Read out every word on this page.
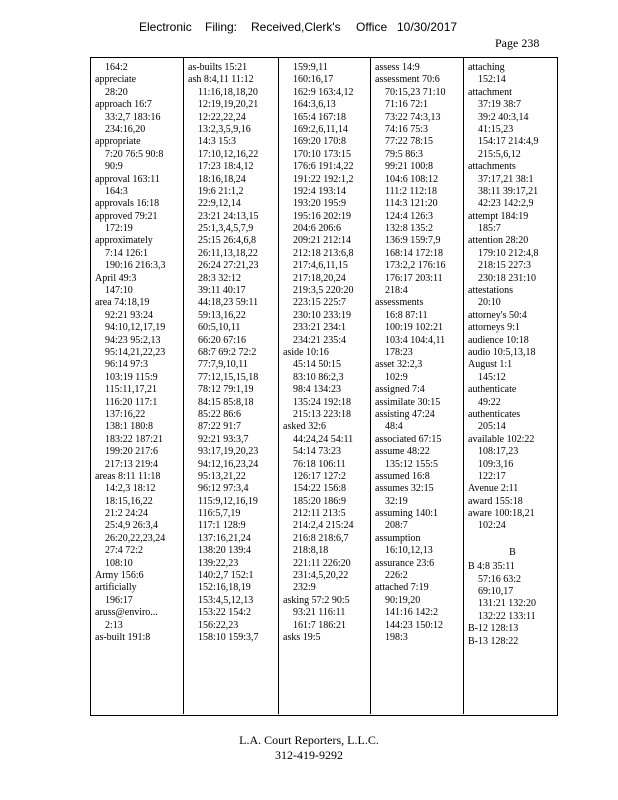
Electronic Filing: Received,Clerk's Office 10/30/2017
Page 238
164:2
appreciate
28:20
approach 16:7
33:2,7 183:16
234:16,20
appropriate
7:20 76:5 90:8
90:9
approval 163:11
164:3
approvals 16:18
approved 79:21
172:19
approximately
7:14 126:1
190:16 216:3,3
April 49:3
147:10
area 74:18,19
92:21 93:24
94:10,12,17,19
94:23 95:2,13
95:14,21,22,23
96:14 97:3
103:19 115:9
115:11,17,21
116:20 117:1
137:16,22
138:1 180:8
183:22 187:21
199:20 217:6
217:13 219:4
areas 8:11 11:18
14:2,3 18:12
18:15,16,22
21:2 24:24
25:4,9 26:3,4
26:20,22,23,24
27:4 72:2
108:10
Army 156:6
artificially
196:17
aruss@enviro...
2:13
as-built 191:8
as-builts 15:21
ash 8:4,11 11:12
11:16,18,18,20
12:19,19,20,21
12:22,22,24
13:2,3,5,9,16
14:3 15:3
17:10,12,16,22
17:23 18:4,12
18:16,18,24
19:6 21:1,2
22:9,12,14
23:21 24:13,15
25:1,3,4,5,7,9
25:15 26:4,6,8
26:11,13,18,22
26:24 27:21,23
28:3 32:12
39:11 40:17
44:18,23 59:11
59:13,16,22
60:5,10,11
66:20 67:16
68:7 69:2 72:2
77:7,9,10,11
77:12,15,15,18
78:12 79:1,19
84:15 85:8,18
85:22 86:6
87:22 91:7
92:21 93:3,7
93:17,19,20,23
94:12,16,23,24
95:13,21,22
96:12 97:3,4
115:9,12,16,19
116:5,7,19
117:1 128:9
137:16,21,24
138:20 139:4
139:22,23
140:2,7 152:1
152:16,18,19
153:4,5,12,13
153:22 154:2
156:22,23
158:10 159:3,7
159:9,11
160:16,17
162:9 163:4,12
164:3,6,13
165:4 167:18
169:2,6,11,14
169:20 170:8
170:10 173:15
176:6 191:4,22
191:22 192:1,2
192:4 193:14
193:20 195:9
195:16 202:19
204:6 206:6
209:21 212:14
212:18 213:6,8
217:4,6,11,15
217:18,20,24
219:3,5 220:20
223:15 225:7
230:10 233:19
233:21 234:1
234:21 235:4
aside 10:16
45:14 50:15
83:10 86:2,3
98:4 134:23
135:24 192:18
215:13 223:18
asked 32:6
44:24,24 54:11
54:14 73:23
76:18 106:11
126:17 127:2
154:22 156:8
185:20 186:9
212:11 213:5
214:2,4 215:24
216:8 218:6,7
218:8,18
221:11 226:20
231:4,5,20,22
232:9
asking 57:2 90:5
93:21 116:11
161:7 186:21
asks 19:5
assess 14:9
assessment 70:6
70:15,23 71:10
71:16 72:1
73:22 74:3,13
74:16 75:3
77:22 78:15
79:5 86:3
99:21 100:8
104:6 108:12
111:2 112:18
114:3 121:20
124:4 126:3
132:8 135:2
136:9 159:7,9
168:14 172:18
173:2,2 176:16
176:17 203:11
218:4
assessments
16:8 87:11
100:19 102:21
103:4 104:4,11
178:23
asset 32:2,3
102:9
assigned 7:4
assimilate 30:15
assisting 47:24
48:4
associated 67:15
assume 48:22
135:12 155:5
assumed 16:8
assumes 32:15
32:19
assuming 140:1
208:7
assumption
16:10,12,13
assurance 23:6
226:2
attached 7:19
90:19,20
141:16 142:2
144:23 150:12
198:3
attaching
152:14
attachment
37:19 38:7
39:2 40:3,14
41:15,23
154:17 214:4,9
215:5,6,12
attachments
37:17,21 38:1
38:11 39:17,21
42:23 142:2,9
attempt 184:19
185:7
attention 28:20
179:10 212:4,8
218:15 227:3
230:18 231:10
attestations
20:10
attorney's 50:4
attorneys 9:1
audience 10:18
audio 10:5,13,18
August 1:1
145:12
authenticate
49:22
authenticates
205:14
available 102:22
108:17,23
109:3,16
122:17
Avenue 2:11
award 155:18
aware 100:18,21
102:24
B
B 4:8 35:11
57:16 63:2
69:10,17
131:21 132:20
132:22 133:11
B-12 128:13
B-13 128:22
L.A. Court Reporters, L.L.C.
312-419-9292
